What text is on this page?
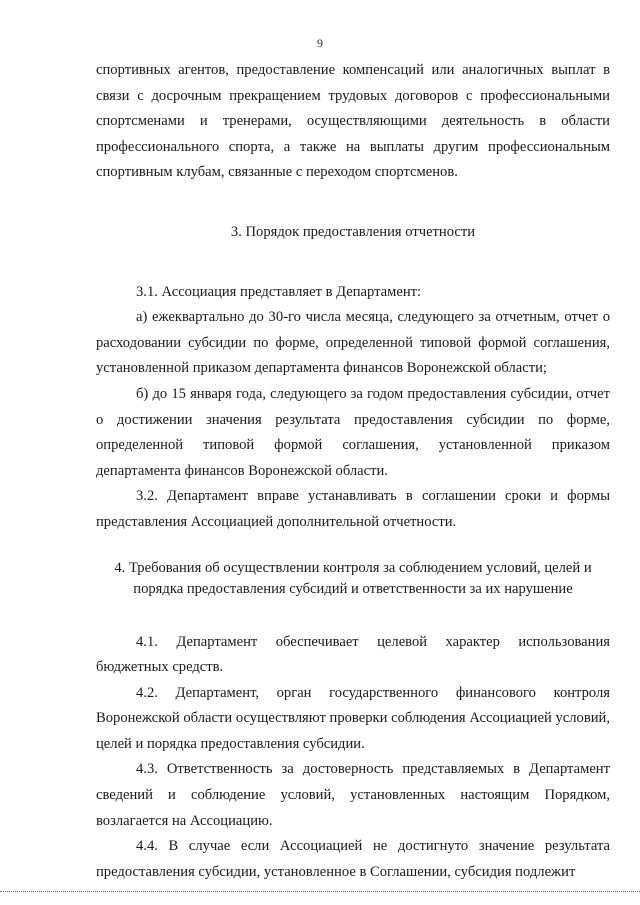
9

спортивных агентов, предоставление компенсаций или аналогичных выплат в связи с досрочным прекращением трудовых договоров с профессиональными спортсменами и тренерами, осуществляющими деятельность в области профессионального спорта, а также на выплаты другим профессиональным спортивным клубам, связанные с переходом спортсменов.

3. Порядок предоставления отчетности

3.1. Ассоциация представляет в Департамент:

а) ежеквартально до 30-го числа месяца, следующего за отчетным, отчет о расходовании субсидии по форме, определенной типовой формой соглашения, установленной приказом департамента финансов Воронежской области;

б) до 15 января года, следующего за годом предоставления субсидии, отчет о достижении значения результата предоставления субсидии по форме, определенной типовой формой соглашения, установленной приказом департамента финансов Воронежской области.

3.2. Департамент вправе устанавливать в соглашении сроки и формы представления Ассоциацией дополнительной отчетности.

4. Требования об осуществлении контроля за соблюдением условий, целей и
порядка предоставления субсидий и ответственности за их нарушение

4.1. Департамент обеспечивает целевой характер использования бюджетных средств.

4.2. Департамент, орган государственного финансового контроля Воронежской области осуществляют проверки соблюдения Ассоциацией условий, целей и порядка предоставления субсидии.

4.3. Ответственность за достоверность представляемых в Департамент сведений и соблюдение условий, установленных настоящим Порядком, возлагается на Ассоциацию.

4.4. В случае если Ассоциацией не достигнуто значение результата предоставления субсидии, установленное в Соглашении, субсидия подлежит
